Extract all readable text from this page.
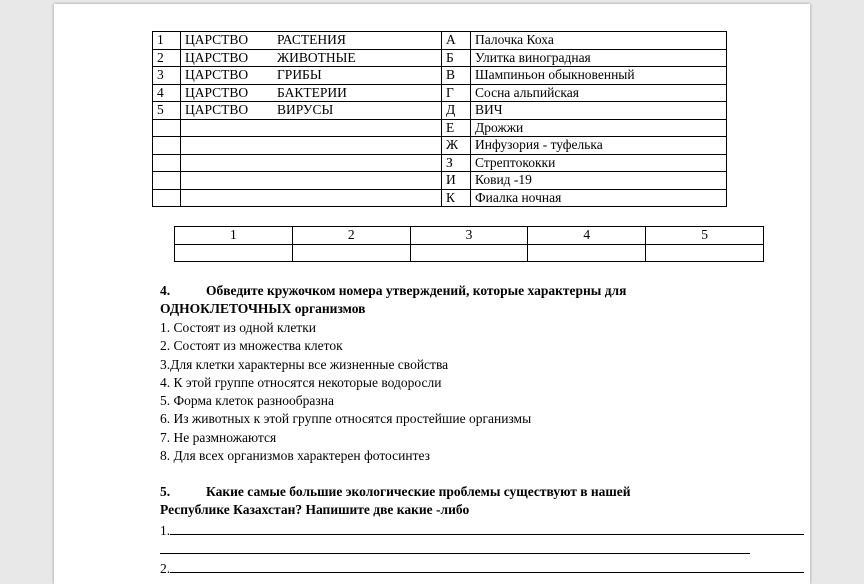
1	ЦАРСТВО РАСТЕНИЯ	А	Палочка Коха
2	ЦАРСТВО ЖИВОТНЫЕ	Б	Улитка виноградная
3	ЦАРСТВО ГРИБЫ	В	Шампиньон обыкновенный
4	ЦАРСТВО БАКТЕРИИ	Г	Сосна альпийская
5	ЦАРСТВО ВИРУСЫ	Д	ВИЧ
		Е	Дрожжи
		Ж	Инфузория - туфелька
		З	Стрептококки
		И	Ковид -19
		К	Фиалка ночная
1	2	3	4	5

4.	Обведите кружочком номера утверждений, которые характерны для
ОДНОКЛЕТОЧНЫХ организмов
1. Состоят из одной клетки
2. Состоят из множества клеток
3.Для клетки характерны все жизненные свойства
4. К этой группе относятся некоторые водоросли
5. Форма клеток разнообразна
6. Из животных к этой группе относятся простейшие организмы
7. Не размножаются
8. Для всех организмов характерен фотосинтез
5.	Какие самые большие экологические проблемы существуют в нашей
Республике Казахстан? Напишите две какие -либо
1.
2.
